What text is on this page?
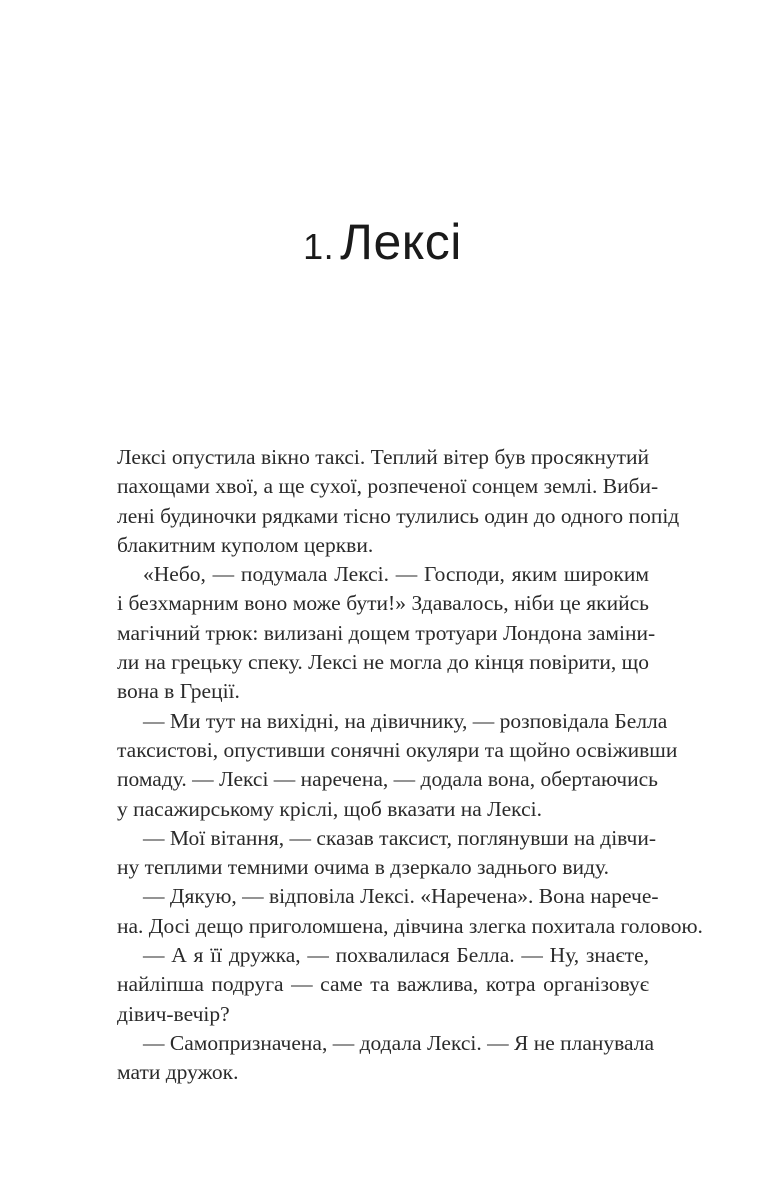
1. Лексі
Лексі опустила вікно таксі. Теплий вітер був просякнутий
пахощами хвої, а ще сухої, розпеченої сонцем землі. Виби-
лені будиночки рядками тісно тулились один до одного попід
блакитним куполом церкви.
«Небо, — подумала Лексі. — Господи, яким широким
і безхмарним воно може бути!» Здавалось, ніби це якийсь
магічний трюк: вилизані дощем тротуари Лондона заміни-
ли на грецьку спеку. Лексі не могла до кінця повірити, що
вона в Греції.
— Ми тут на вихідні, на дівичнику, — розповідала Белла
таксистові, опустивши сонячні окуляри та щойно освіживши
помаду. — Лексі — наречена, — додала вона, обертаючись
у пасажирському кріслі, щоб вказати на Лексі.
— Мої вітання, — сказав таксист, поглянувши на дівчи-
ну теплими темними очима в дзеркало заднього виду.
— Дякую, — відповіла Лексі. «Наречена». Вона нарече-
на. Досі дещо приголомшена, дівчина злегка похитала головою.
— А я її дружка, — похвалилася Белла. — Ну, знаєте,
найліпша подруга — саме та важлива, котра організовує
дівич-вечір?
— Самопризначена, — додала Лексі. — Я не планувала
мати дружок.
